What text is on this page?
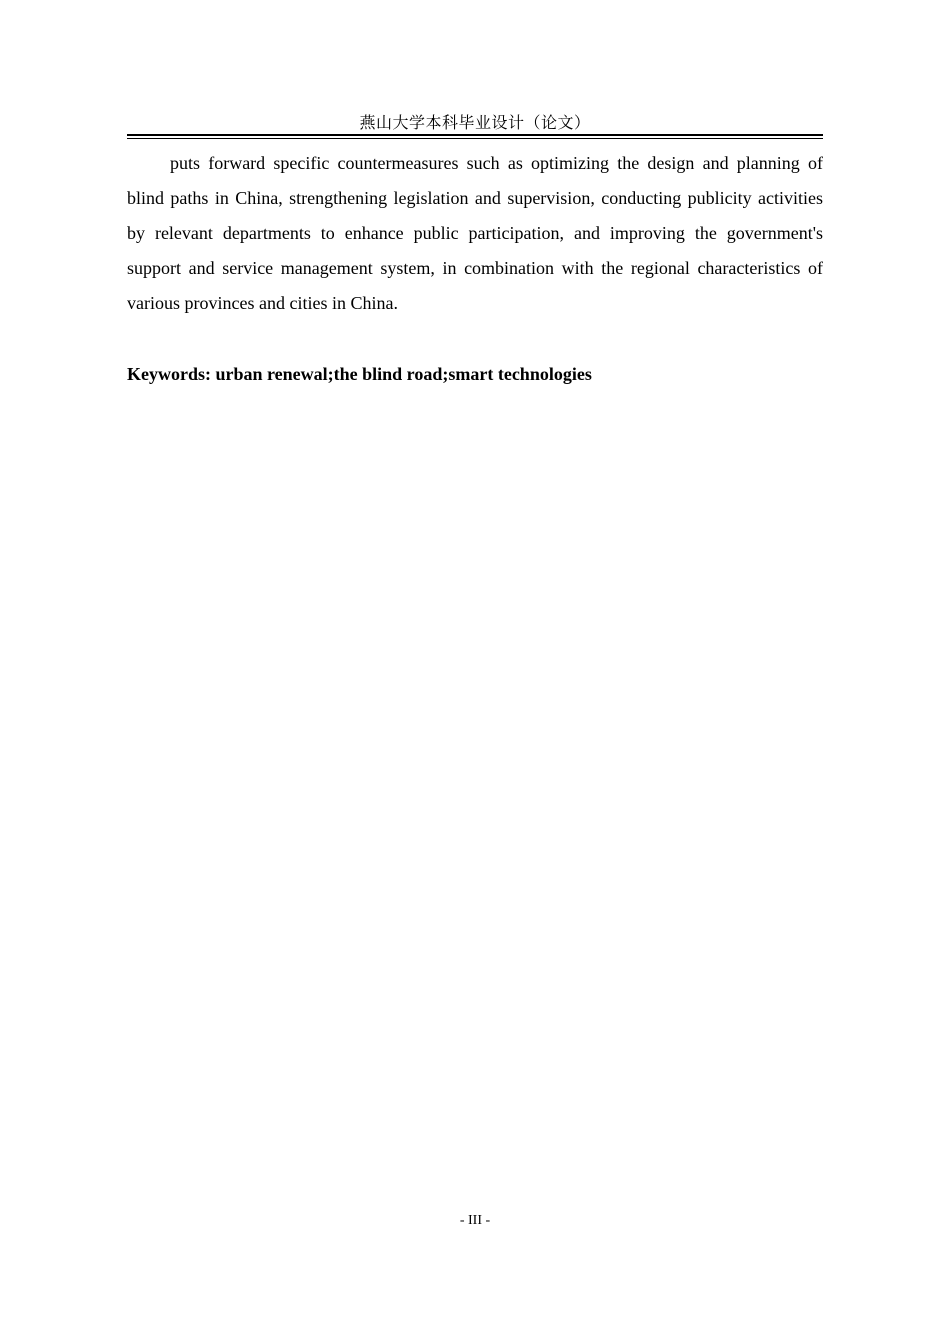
燕山大学本科毕业设计（论文）

puts forward specific countermeasures such as optimizing the design and planning of blind paths in China, strengthening legislation and supervision, conducting publicity activities by relevant departments to enhance public participation, and improving the government's support and service management system, in combination with the regional characteristics of various provinces and cities in China.

Keywords: urban renewal;the blind road;smart technologies
- III -
